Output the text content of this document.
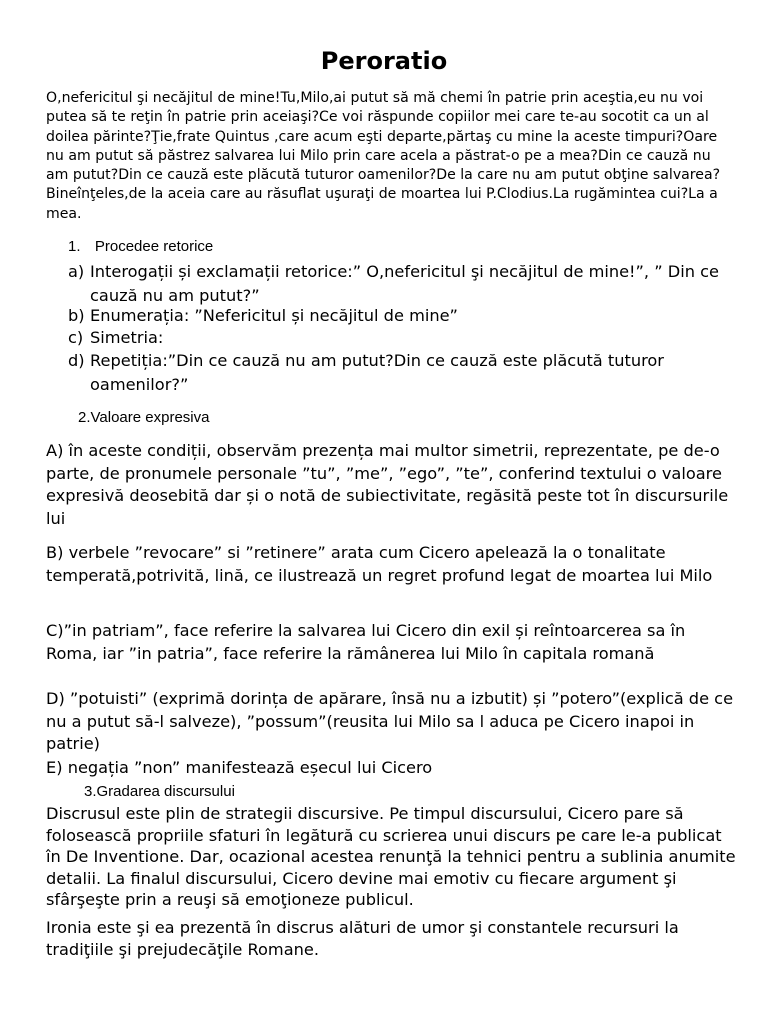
Peroratio

O,nefericitul şi necăjitul de mine!Tu,Milo,ai putut să mă chemi în patrie prin aceştia,eu nu voi putea să te reţin în patrie prin aceiaşi?Ce voi răspunde copiilor mei care te-au socotit ca un al doilea părinte?Ţie,frate Quintus ,care acum eşti departe,părtaş cu mine la aceste timpuri?Oare nu am putut să păstrez salvarea lui Milo prin care acela a păstrat-o pe a mea?Din ce cauză nu am putut?Din ce cauză este plăcută tuturor oamenilor?De la care nu am putut obţine salvarea?Bineînţeles,de la aceia care au răsuflat uşuraţi de moartea lui P.Clodius.La rugămintea cui?La a mea.

1. Procedee retorice
a) Interogații și exclamații retorice:” O,nefericitul şi necăjitul de mine!”, ” Din ce cauză nu am putut?”
b) Enumerația: ”Nefericitul și necăjitul de mine”
c) Simetria:
d) Repetiția:”Din ce cauză nu am putut?Din ce cauză este plăcută tuturor oamenilor?”

2.Valoare expresiva

A) în aceste condiții, observăm prezența mai multor simetrii, reprezentate, pe de-o parte, de pronumele personale ”tu”, ”me”, ”ego”, ”te”, conferind textului o valoare expresivă deosebită dar și o notă de subiectivitate, regăsită peste tot în discursurile lui

B) verbele ”revocare” si ”retinere” arata cum Cicero apelează la o tonalitate temperată,potrivită, lină, ce ilustrează un regret profund legat de moartea lui Milo

C)”in patriam”, face referire la salvarea lui Cicero din exil și reîntoarcerea sa în Roma, iar ”in patria”, face referire la rămânerea lui Milo în capitala romană

D) ”potuisti” (exprimă dorința de apărare, însă nu a izbutit) și ”potero”(explică de ce nu a putut să-l salveze), ”possum”(reusita lui Milo sa l aduca pe Cicero inapoi in patrie)

E) negația ”non” manifestează eșecul lui Cicero

3.Gradarea discursului

Discrusul este plin de strategii discursive. Pe timpul discursului, Cicero pare să folosească propriile sfaturi în legătură cu scrierea unui discurs pe care le-a publicat în De Inventione. Dar, ocazional acestea renunţă la tehnici pentru a sublinia anumite detalii. La finalul discursului, Cicero devine mai emotiv cu fiecare argument şi sfârşeşte prin a reuşi să emoţioneze publicul.

Ironia este şi ea prezentă în discrus alături de umor şi constantele recursuri la tradiţiile şi prejudecăţile Romane.
